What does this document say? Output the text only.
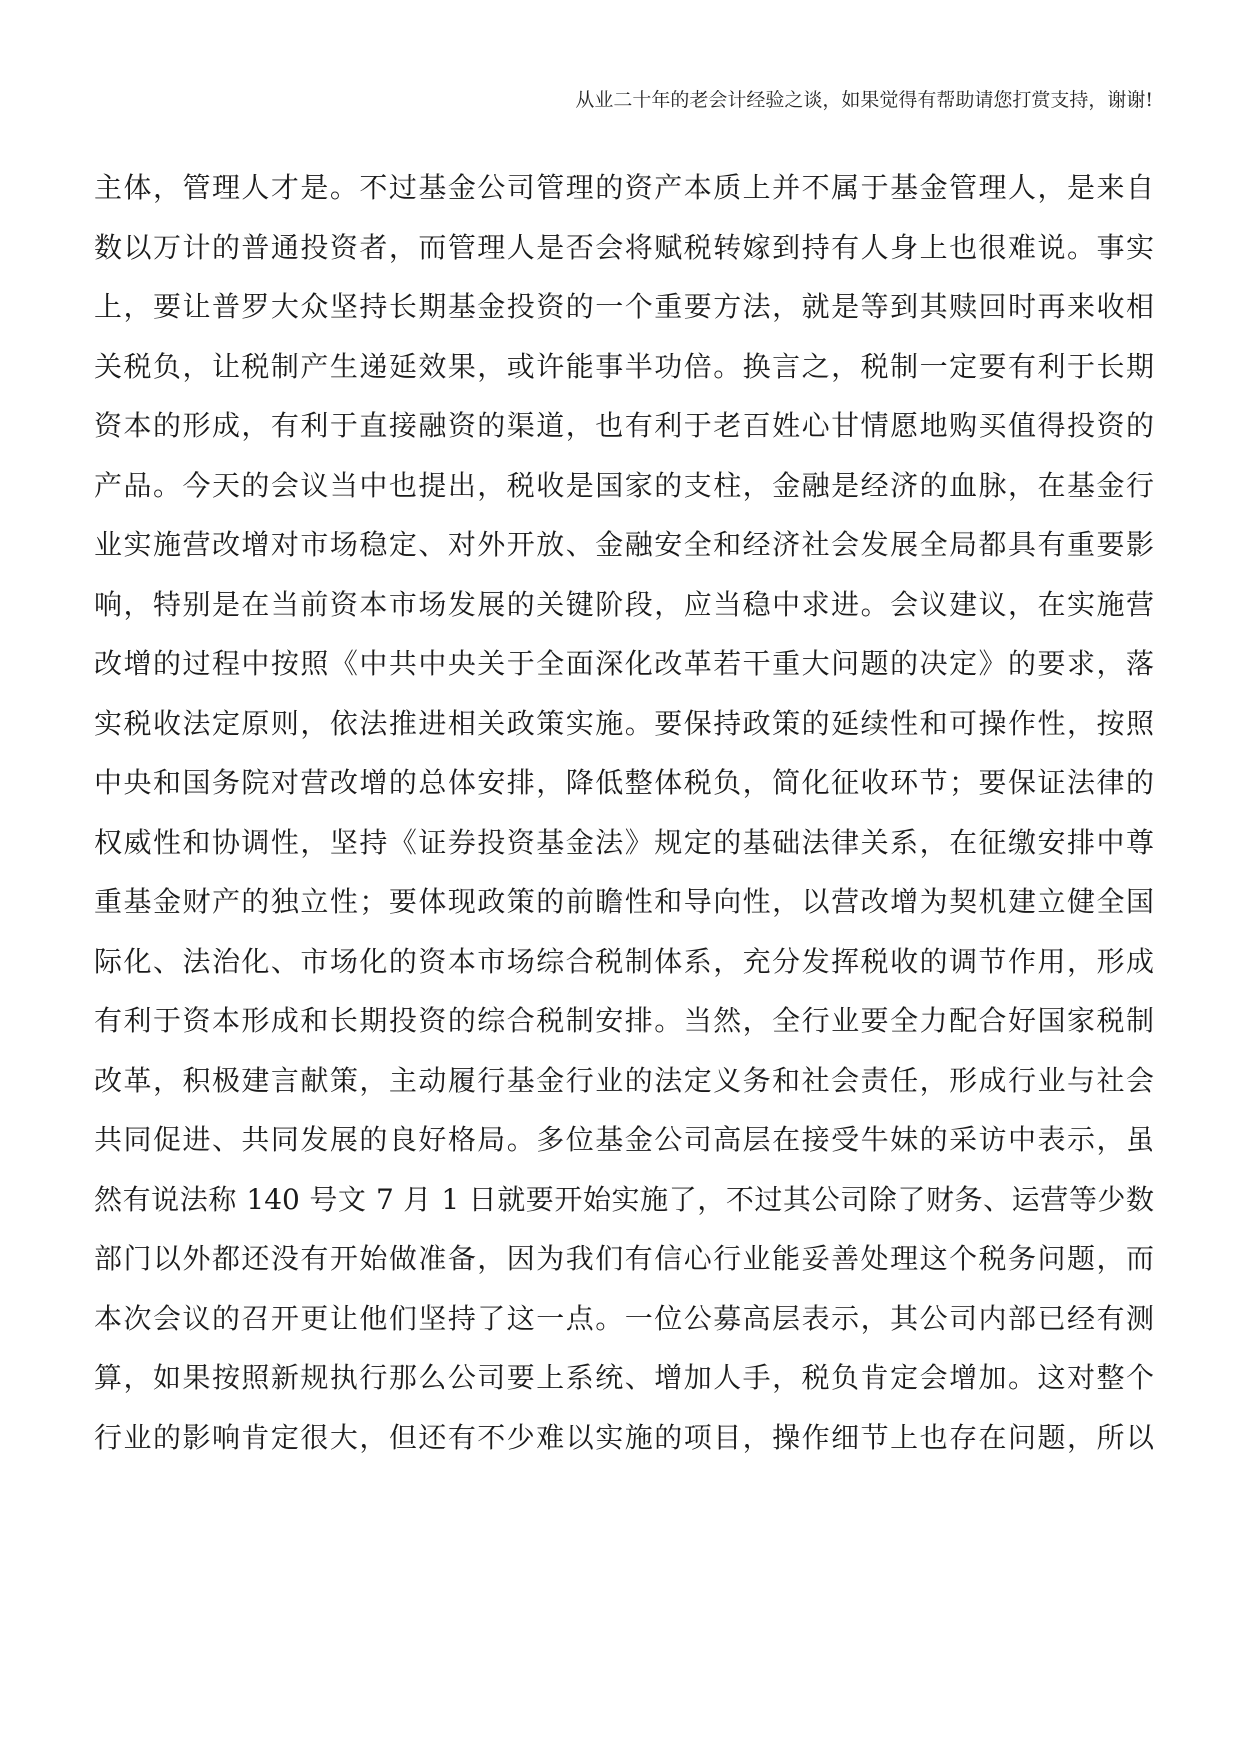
从业二十年的老会计经验之谈，如果觉得有帮助请您打赏支持，谢谢!
主体，管理人才是。不过基金公司管理的资产本质上并不属于基金管理人，是来自
数以万计的普通投资者，而管理人是否会将赋税转嫁到持有人身上也很难说。事实
上，要让普罗大众坚持长期基金投资的一个重要方法，就是等到其赎回时再来收相
关税负，让税制产生递延效果，或许能事半功倍。换言之，税制一定要有利于长期
资本的形成，有利于直接融资的渠道，也有利于老百姓心甘情愿地购买值得投资的
产品。今天的会议当中也提出，税收是国家的支柱，金融是经济的血脉，在基金行
业实施营改增对市场稳定、对外开放、金融安全和经济社会发展全局都具有重要影
响，特别是在当前资本市场发展的关键阶段，应当稳中求进。会议建议，在实施营
改增的过程中按照《中共中央关于全面深化改革若干重大问题的决定》的要求，落
实税收法定原则，依法推进相关政策实施。要保持政策的延续性和可操作性，按照
中央和国务院对营改增的总体安排，降低整体税负，简化征收环节；要保证法律的
权威性和协调性，坚持《证券投资基金法》规定的基础法律关系，在征缴安排中尊
重基金财产的独立性；要体现政策的前瞻性和导向性，以营改增为契机建立健全国
际化、法治化、市场化的资本市场综合税制体系，充分发挥税收的调节作用，形成
有利于资本形成和长期投资的综合税制安排。当然，全行业要全力配合好国家税制
改革，积极建言献策，主动履行基金行业的法定义务和社会责任，形成行业与社会
共同促进、共同发展的良好格局。多位基金公司高层在接受牛妹的采访中表示，虽
然有说法称 140 号文 7 月 1 日就要开始实施了，不过其公司除了财务、运营等少数
部门以外都还没有开始做准备，因为我们有信心行业能妥善处理这个税务问题，而
本次会议的召开更让他们坚持了这一点。一位公募高层表示，其公司内部已经有测
算，如果按照新规执行那么公司要上系统、增加人手，税负肯定会增加。这对整个
行业的影响肯定很大，但还有不少难以实施的项目，操作细节上也存在问题，所以
